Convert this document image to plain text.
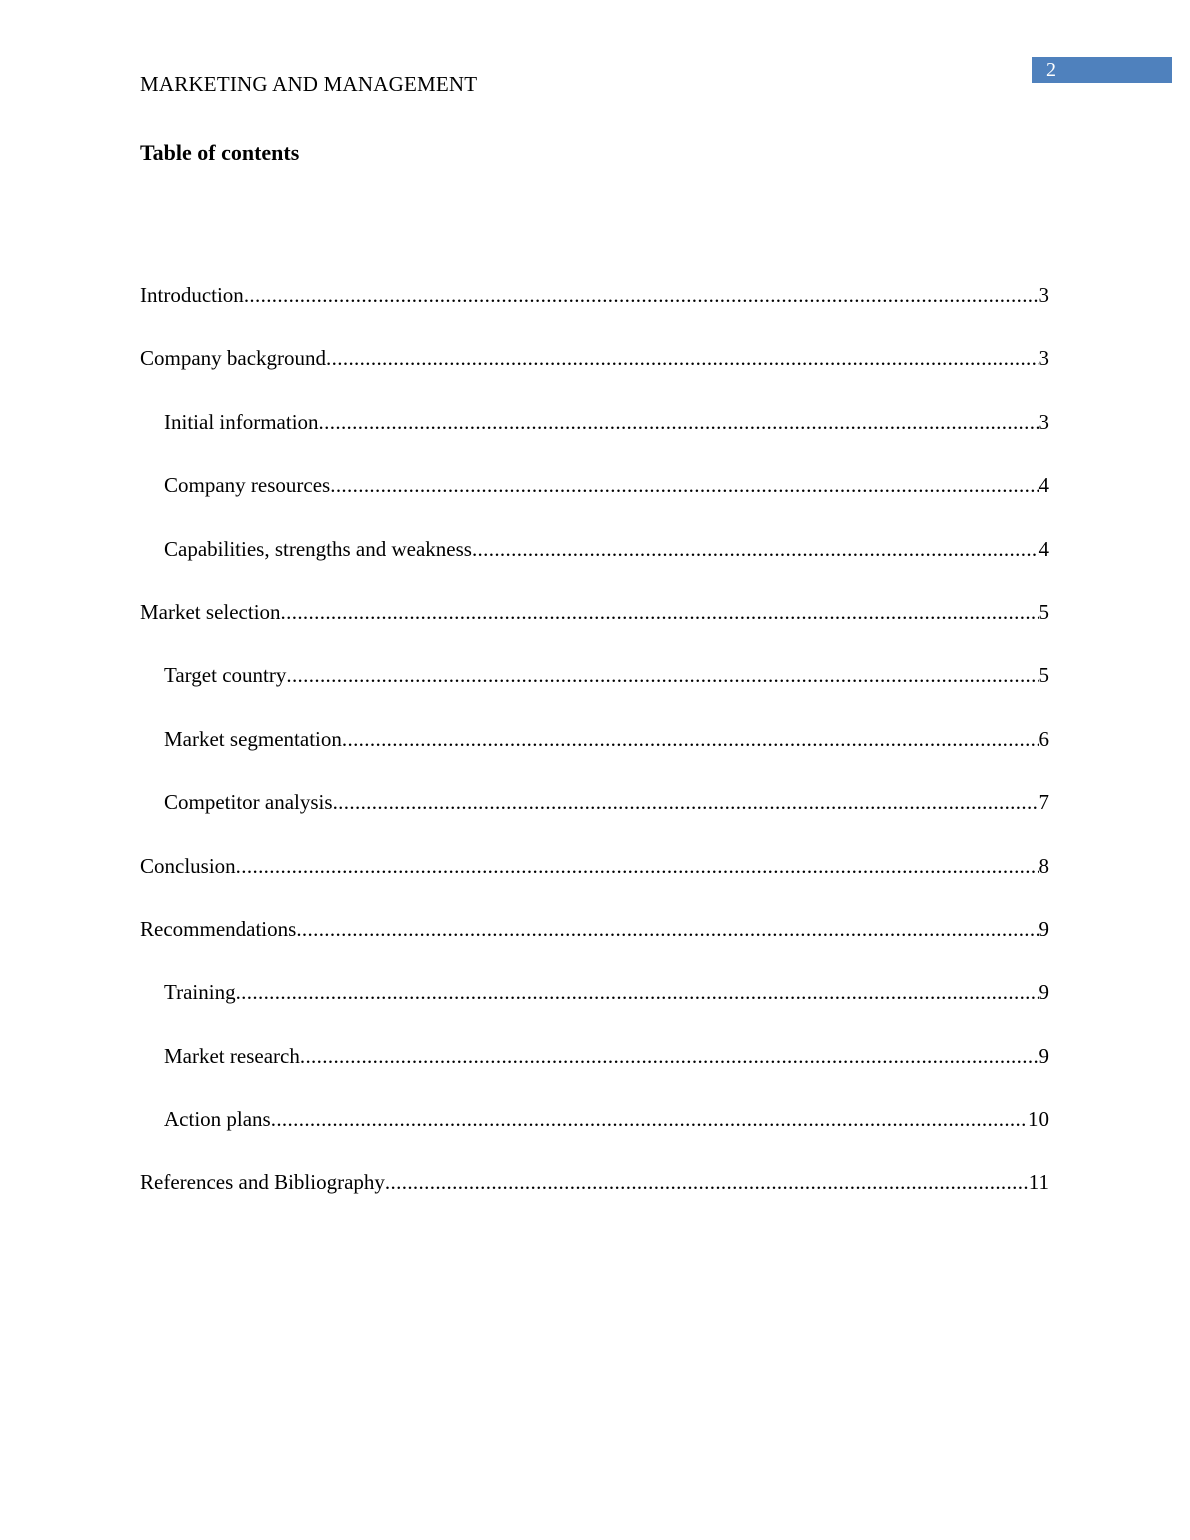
2
MARKETING AND MANAGEMENT
Table of contents
Introduction .....	3
Company background .....	3
Initial information .....	3
Company resources .....	4
Capabilities, strengths and weakness .....	4
Market selection .....	5
Target country .....	5
Market segmentation .....	6
Competitor analysis .....	7
Conclusion .....	8
Recommendations .....	9
Training .....	9
Market research .....	9
Action plans .....	10
References and Bibliography .....	11
